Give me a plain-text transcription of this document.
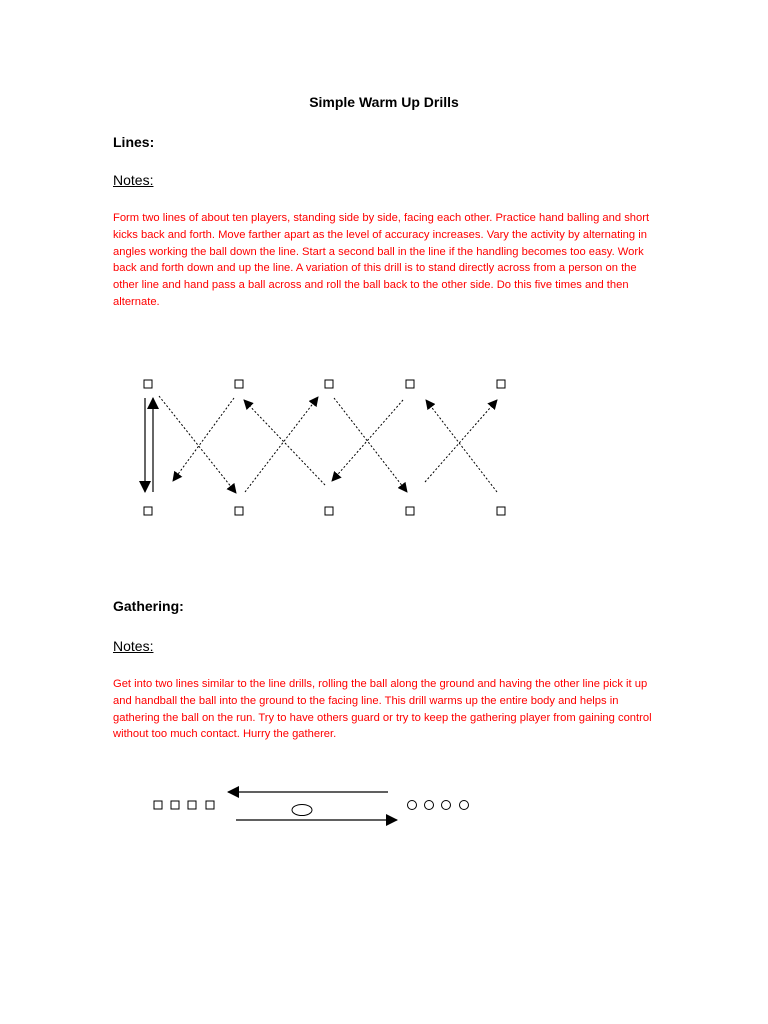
Simple Warm Up Drills
Lines:
Notes:
Form two lines of about ten players, standing side by side, facing each other. Practice hand balling and short kicks back and forth. Move farther apart as the level of accuracy increases. Vary the activity by alternating in angles working the ball down the line. Start a second ball in the line if the handling becomes too easy. Work back and forth down and up the line. A variation of this drill is to stand directly across from a person on the other line and hand pass a ball across and roll the ball back to the other side. Do this five times and then alternate.
Gathering:
Notes:
Get into two lines similar to the line drills, rolling the ball along the ground and having the other line pick it up and handball the ball into the ground to the facing line. This drill warms up the entire body and helps in gathering the ball on the run. Try to have others guard or try to keep the gathering player from gaining control without too much contact. Hurry the gatherer.
